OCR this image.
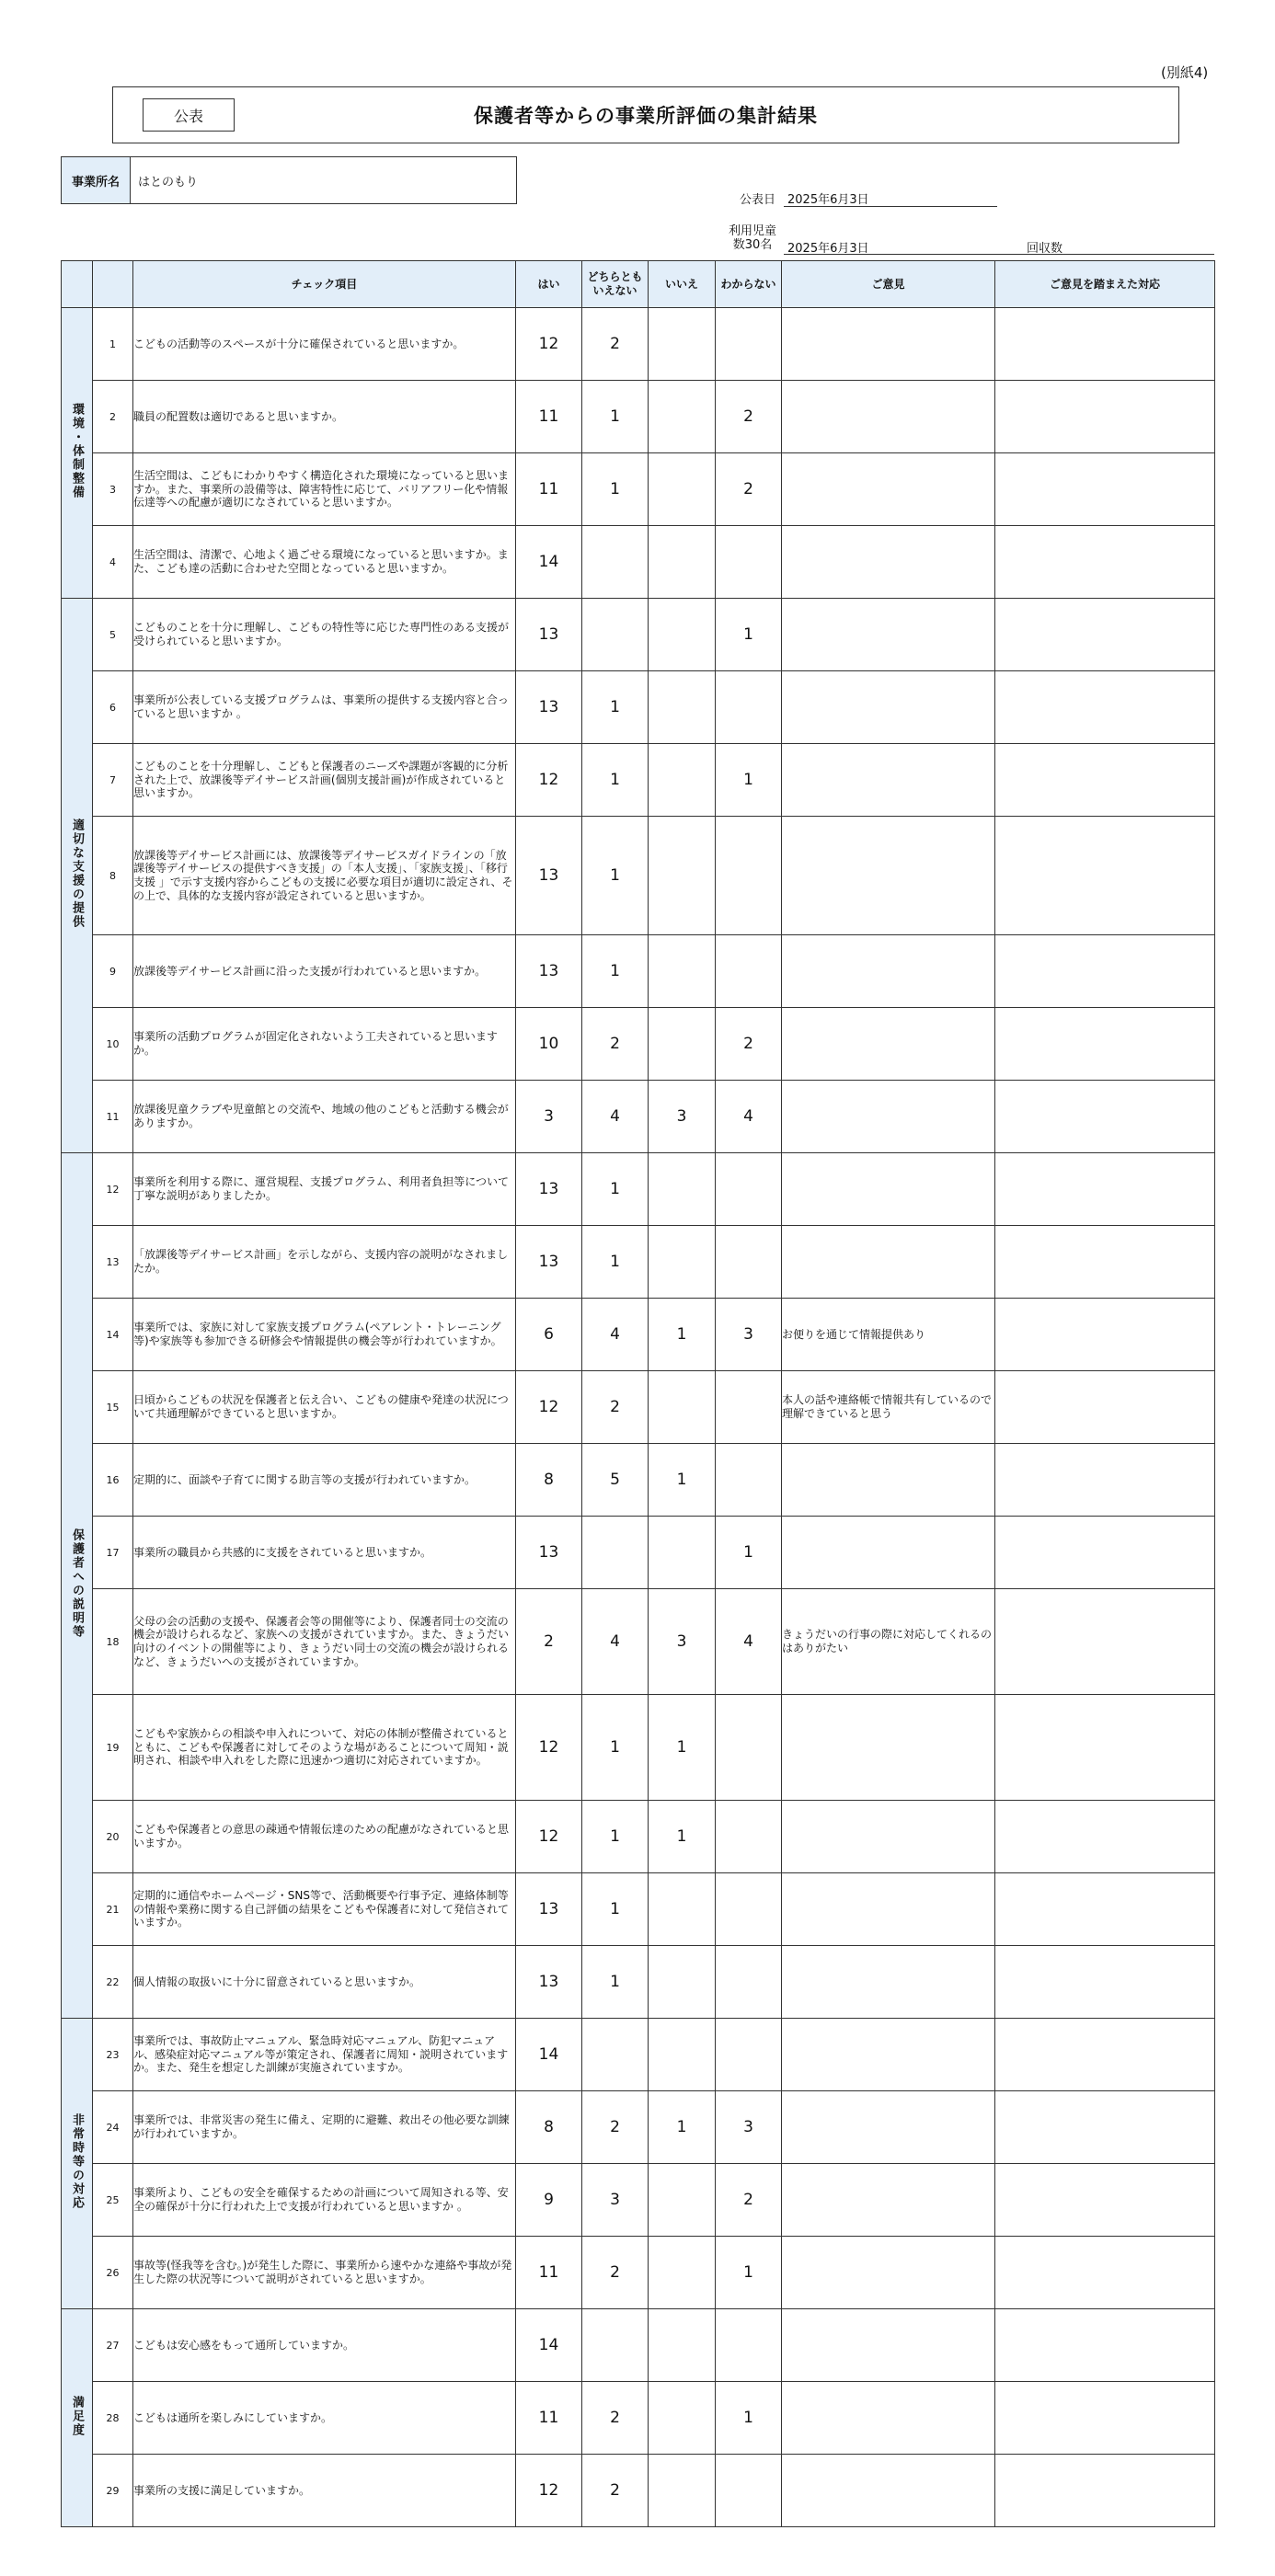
(別紙4)
保護者等からの事業所評価の集計結果
公表
事業所名	はとのもり
公表日 2025年6月3日
利用児童
数30名	2025年6月3日	回収数
		チェック項目	はい	どちらとも
いえない	いいえ	わからない	ご意見	ご意見を踏まえた対応
環境・体制整備	1	こどもの活動等のスペースが十分に確保されていると思いますか。	12	2				
	2	職員の配置数は適切であると思いますか。	11	1		2		
	3	生活空間は、こどもにわかりやすく構造化された環境になっていると思いますか。また、事業所の設備等は、障害特性に応じて、バリアフリー化や情報伝達等への配慮が適切になされていると思いますか。	11	1		2		
	4	生活空間は、清潔で、心地よく過ごせる環境になっていると思いますか。また、こども達の活動に合わせた空間となっていると思いますか。	14					
適切な支援の提供	5	こどものことを十分に理解し、こどもの特性等に応じた専門性のある支援が受けられていると思いますか。	13			1		
	6	事業所が公表している支援プログラムは、事業所の提供する支援内容と合っていると思いますか 。	13	1				
	7	こどものことを十分理解し、こどもと保護者のニーズや課題が客観的に分析された上で、放課後等デイサービス計画(個別支援計画)が作成されていると思いますか。	12	1		1		
	8	放課後等デイサービス計画には、放課後等デイサービスガイドラインの「放課後等デイサービスの提供すべき支援」の「本人支援」、「家族支援」、「移行支援 」で示す支援内容からこどもの支援に必要な項目が適切に設定され、その上で、具体的な支援内容が設定されていると思いますか。	13	1				
	9	放課後等デイサービス計画に沿った支援が行われていると思いますか。	13	1				
	10	事業所の活動プログラムが固定化されないよう工夫されていると思いますか。	10	2		2		
	11	放課後児童クラブや児童館との交流や、地域の他のこどもと活動する機会がありますか。	3	4	3	4		
保護者への説明等	12	事業所を利用する際に、運営規程、支援プログラム、利用者負担等について丁寧な説明がありましたか。	13	1				
	13	「放課後等デイサービス計画」を示しながら、支援内容の説明がなされましたか。	13	1				
	14	事業所では、家族に対して家族支援プログラム(ペアレント・トレーニング等)や家族等も参加できる研修会や情報提供の機会等が行われていますか。	6	4	1	3	お便りを通じて情報提供あり	
	15	日頃からこどもの状況を保護者と伝え合い、こどもの健康や発達の状況について共通理解ができていると思いますか。	12	2			本人の話や連絡帳で情報共有しているので理解できていると思う	
	16	定期的に、面談や子育てに関する助言等の支援が行われていますか。	8	5	1			
	17	事業所の職員から共感的に支援をされていると思いますか。	13			1		
	18	父母の会の活動の支援や、保護者会等の開催等により、保護者同士の交流の機会が設けられるなど、家族への支援がされていますか。また、きょうだい向けのイベントの開催等により、きょうだい同士の交流の機会が設けられるなど、きょうだいへの支援がされていますか。	2	4	3	4	きょうだいの行事の際に対応してくれるのはありがたい	
	19	こどもや家族からの相談や申入れについて、対応の体制が整備されているとともに、こどもや保護者に対してそのような場があることについて周知・説明され、相談や申入れをした際に迅速かつ適切に対応されていますか。	12	1	1			
	20	こどもや保護者との意思の疎通や情報伝達のための配慮がなされていると思いますか。	12	1	1			
	21	定期的に通信やホームページ・SNS等で、活動概要や行事予定、連絡体制等の情報や業務に関する自己評価の結果をこどもや保護者に対して発信されていますか。	13	1				
	22	個人情報の取扱いに十分に留意されていると思いますか。	13	1				
非常時等の対応	23	事業所では、事故防止マニュアル、緊急時対応マニュアル、防犯マニュアル、感染症対応マニュアル等が策定され、保護者に周知・説明されていますか。また、発生を想定した訓練が実施されていますか。	14					
	24	事業所では、非常災害の発生に備え、定期的に避難、救出その他必要な訓練が行われていますか。	8	2	1	3		
	25	事業所より、こどもの安全を確保するための計画について周知される等、安全の確保が十分に行われた上で支援が行われていると思いますか 。	9	3		2		
	26	事故等(怪我等を含む。)が発生した際に、事業所から速やかな連絡や事故が発生した際の状況等について説明がされていると思いますか。	11	2		1		
満足度	27	こどもは安心感をもって通所していますか。	14					
	28	こどもは通所を楽しみにしていますか。	11	2		1		
	29	事業所の支援に満足していますか。	12	2				
